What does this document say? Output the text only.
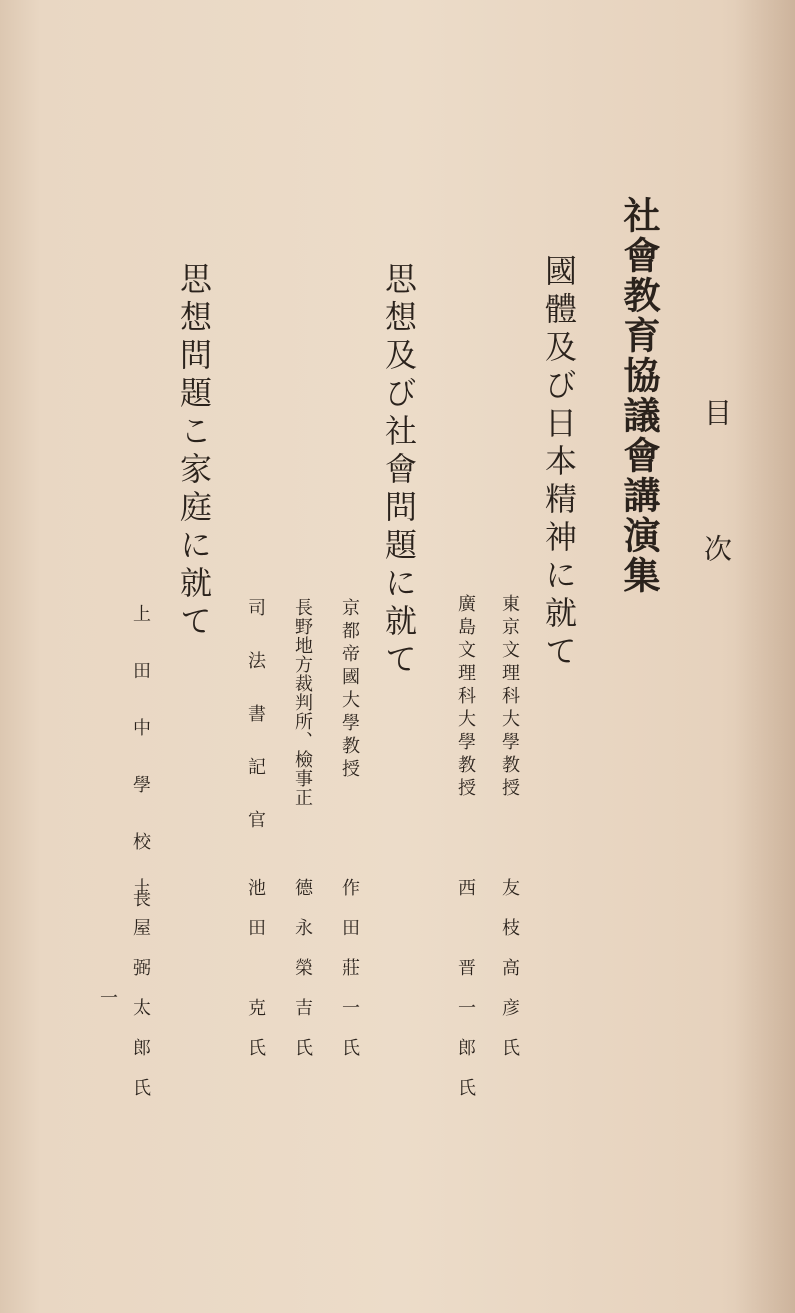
目　　　次
社會教育協議會講演集
國體及び日本精神に就て
東京文理科大學教授
友枝高彦氏
廣島文理科大學教授
西　晋一郎氏
思想及び社會問題に就て
京都帝國大學教授
作田莊一氏
長野地方裁判所、檢事正
德永榮吉氏
司 法 書 記 官
池田　克氏
思想問題こ家庭に就て
上 田 中 學 校 長
土屋弼太郎氏
一
